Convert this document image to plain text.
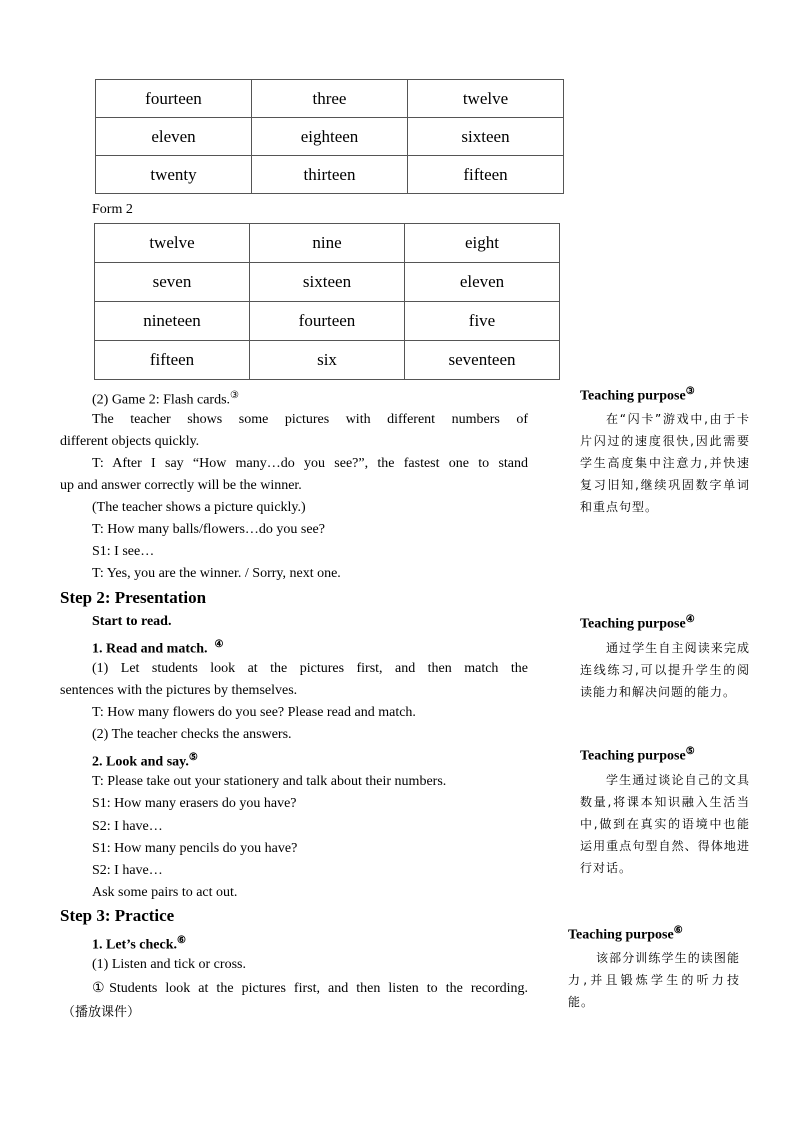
fourteen	three	twelve
eleven	eighteen	sixteen
twenty	thirteen	fifteen
Form 2
twelve	nine	eight
seven	sixteen	eleven
nineteen	fourteen	five
fifteen	six	seventeen
(2) Game 2: Flash cards.③
The teacher shows some pictures with different numbers of
different objects quickly.
T: After I say “How many…do you see?”, the fastest one to stand
up and answer correctly will be the winner.
(The teacher shows a picture quickly.)
T: How many balls/flowers…do you see?
S1: I see…
T: Yes, you are the winner. / Sorry, next one.
Step 2: Presentation
Start to read.
1. Read and match. ④
(1) Let students look at the pictures first, and then match the
sentences with the pictures by themselves.
T: How many flowers do you see? Please read and match.
(2) The teacher checks the answers.
2. Look and say.⑤
T: Please take out your stationery and talk about their numbers.
S1: How many erasers do you have?
S2: I have…
S1: How many pencils do you have?
S2: I have…
Ask some pairs to act out.
Step 3: Practice
1. Let’s check.⑥
(1) Listen and tick or cross.
①Students look at the pictures first, and then listen to the recording.
（播放课件）
Teaching purpose③
在“闪卡”游戏中,由于卡片闪过的速度很快,因此需要学生高度集中注意力,并快速复习旧知,继续巩固数字单词和重点句型。
Teaching purpose④
通过学生自主阅读来完成连线练习,可以提升学生的阅读能力和解决问题的能力。
Teaching purpose⑤
学生通过谈论自己的文具数量,将课本知识融入生活当中,做到在真实的语境中也能运用重点句型自然、得体地进行对话。
Teaching purpose⑥
该部分训练学生的读图能力,并且锻炼学生的听力技能。
